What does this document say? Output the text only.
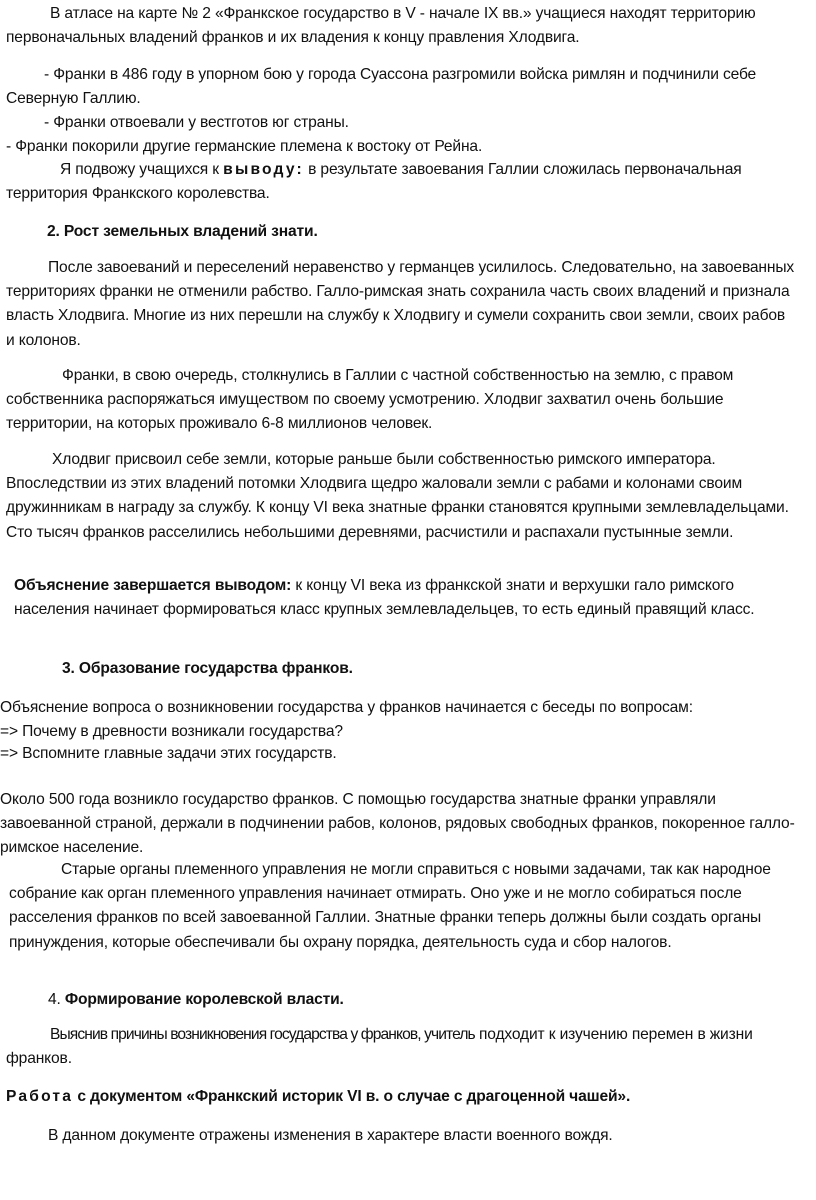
В атласе на карте № 2 «Франкское государство в V - начале IX вв.» учащиеся находят территорию первоначальных владений франков и их владения к концу правления Хлодвига.

- Франки в 486 году в упорном бою у города Суассона разгромили войска римлян и подчинили себе Северную Галлию.

- Франки отвоевали у вестготов юг страны.

- Франки покорили другие германские племена к востоку от Рейна.

Я подвожу учащихся к выводу: в результате завоевания Галлии сложилась первоначальная территория Франкского королевства.

2. Рост земельных владений знати.

После завоеваний и переселений неравенство у германцев усилилось. Следовательно, на завоеванных территориях франки не отменили рабство. Галло-римская знать сохранила часть своих владений и признала власть Хлодвига. Многие из них перешли на службу к Хлодвигу и сумели сохранить свои земли, своих рабов и колонов.

Франки, в свою очередь, столкнулись в Галлии с частной собственностью на землю, с правом собственника распоряжаться имуществом по своему усмотрению. Хлодвиг захватил очень большие территории, на которых проживало 6-8 миллионов человек.

Хлодвиг присвоил себе земли, которые раньше были собственностью римского императора. Впоследствии из этих владений потомки Хлодвига щедро жаловали земли с рабами и колонами своим дружинникам в награду за службу. К концу VI века знатные франки становятся крупными землевладельцами. Сто тысяч франков расселились небольшими деревнями, расчистили и распахали пустынные земли.

Объяснение завершается выводом: к концу VI века из франкской знати и верхушки гало римского населения начинает формироваться класс крупных землевладельцев, то есть единый правящий класс.

3. Образование государства франков.

Объяснение вопроса о возникновении государства у франков начинается с беседы по вопросам:

=> Почему в древности возникали государства?

=> Вспомните главные задачи этих государств.

Около 500 года возникло государство франков. С помощью государства знатные франки управляли завоеванной страной, держали в подчинении рабов, колонов, рядовых свободных франков, покоренное галло-римское население.

Старые органы племенного управления не могли справиться с новыми задачами, так как народное собрание как орган племенного управления начинает отмирать. Оно уже и не могло собираться после расселения франков по всей завоеванной Галлии. Знатные франки теперь должны были создать органы принуждения, которые обеспечивали бы охрану порядка, деятельность суда и сбор налогов.

4. Формирование королевской власти.

Выяснив причины возникновения государства у франков, учитель подходит к изучению перемен в жизни франков.

Работа с документом «Франкский историк VI в. о случае с драгоценной чашей».

В данном документе отражены изменения в характере власти военного вождя.
